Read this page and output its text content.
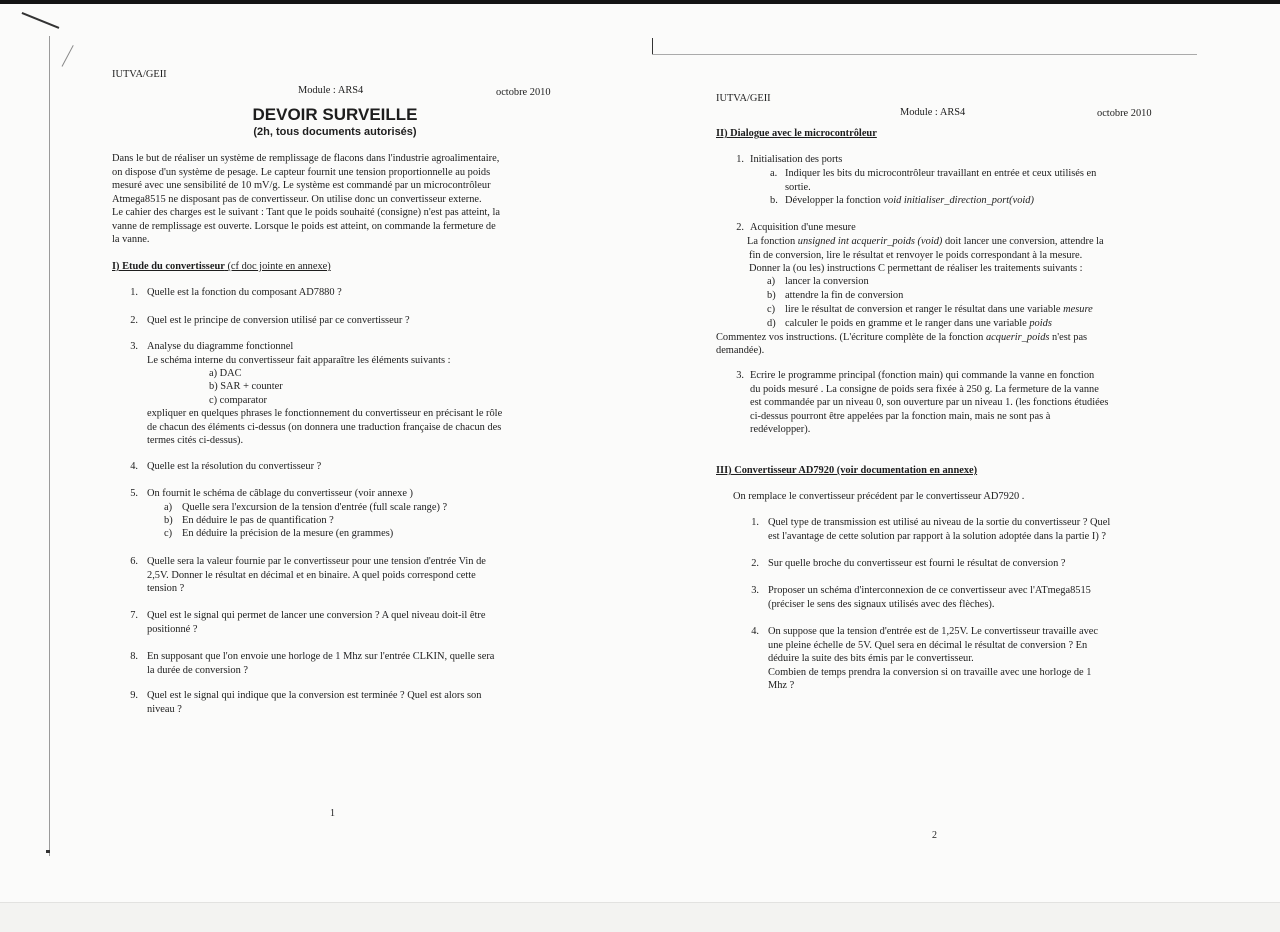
IUTVA/GEII
Module : ARS4	octobre 2010
DEVOIR SURVEILLE
(2h, tous documents autorisés)
Dans le but de réaliser un système de remplissage de flacons dans l'industrie agroalimentaire,
on dispose d'un système de pesage. Le capteur fournit une tension proportionnelle au poids
mesuré avec une sensibilité de 10 mV/g. Le système est commandé par un microcontrôleur
Atmega8515 ne disposant pas de convertisseur. On utilise donc un convertisseur externe.
Le cahier des charges est le suivant : Tant que le poids souhaité (consigne) n'est pas atteint, la
vanne de remplissage est ouverte. Lorsque le poids est atteint, on commande la fermeture de
la vanne.
I) Etude du convertisseur (cf doc jointe en annexe)
1. Quelle est la fonction du composant AD7880 ?
2. Quel est le principe de conversion utilisé par ce convertisseur ?
3. Analyse du diagramme fonctionnel
Le schéma interne du convertisseur fait apparaître les éléments suivants :
a) DAC
b) SAR + counter
c) comparator
expliquer en quelques phrases le fonctionnement du convertisseur en précisant le rôle
de chacun des éléments ci-dessus (on donnera une traduction française de chacun des
termes cités ci-dessus).
4. Quelle est la résolution du convertisseur ?
5. On fournit le schéma de câblage du convertisseur (voir annexe )
a) Quelle sera l'excursion de la tension d'entrée (full scale range) ?
b) En déduire le pas de quantification ?
c) En déduire la précision de la mesure (en grammes)
6. Quelle sera la valeur fournie par le convertisseur pour une tension d'entrée Vin de
2,5V. Donner le résultat en décimal et en binaire. A quel poids correspond cette
tension ?
7. Quel est le signal qui permet de lancer une conversion ? A quel niveau doit-il être
positionné ?
8. En supposant que l'on envoie une horloge de 1 Mhz sur l'entrée CLKIN, quelle sera
la durée de conversion ?
9. Quel est le signal qui indique que la conversion est terminée ? Quel est alors son
niveau ?
1
IUTVA/GEII
Module : ARS4	octobre 2010
II) Dialogue avec le microcontrôleur
1. Initialisation des ports
a. Indiquer les bits du microcontrôleur travaillant en entrée et ceux utilisés en
sortie.
b. Développer la fonction void initialiser_direction_port(void)
2. Acquisition d'une mesure
La fonction unsigned int acquerir_poids (void) doit lancer une conversion, attendre la
fin de conversion, lire le résultat et renvoyer le poids correspondant à la mesure.
Donner la (ou les) instructions C permettant de réaliser les traitements suivants :
a) lancer la conversion
b) attendre la fin de conversion
c) lire le résultat de conversion et ranger le résultat dans une variable mesure
d) calculer le poids en gramme et le ranger dans une variable poids
Commentez vos instructions. (L'écriture complète de la fonction acquerir_poids n'est pas
demandée).
3. Ecrire le programme principal (fonction main) qui commande la vanne en fonction
du poids mesuré . La consigne de poids sera fixée à 250 g. La fermeture de la vanne
est commandée par un niveau 0, son ouverture par un niveau 1. (les fonctions étudiées
ci-dessus pourront être appelées par la fonction main, mais ne sont pas à
redévelopper).
III) Convertisseur AD7920 (voir documentation en annexe)
On remplace le convertisseur précédent par le convertisseur AD7920 .
1. Quel type de transmission est utilisé au niveau de la sortie du convertisseur ? Quel
est l'avantage de cette solution par rapport à la solution adoptée dans la partie I) ?
2. Sur quelle broche du convertisseur est fourni le résultat de conversion ?
3. Proposer un schéma d'interconnexion de ce convertisseur avec l'ATmega8515
(préciser le sens des signaux utilisés avec des flèches).
4. On suppose que la tension d'entrée est de 1,25V. Le convertisseur travaille avec
une pleine échelle de 5V. Quel sera en décimal le résultat de conversion ? En
déduire la suite des bits émis par le convertisseur.
Combien de temps prendra la conversion si on travaille avec une horloge de 1
Mhz ?
2
